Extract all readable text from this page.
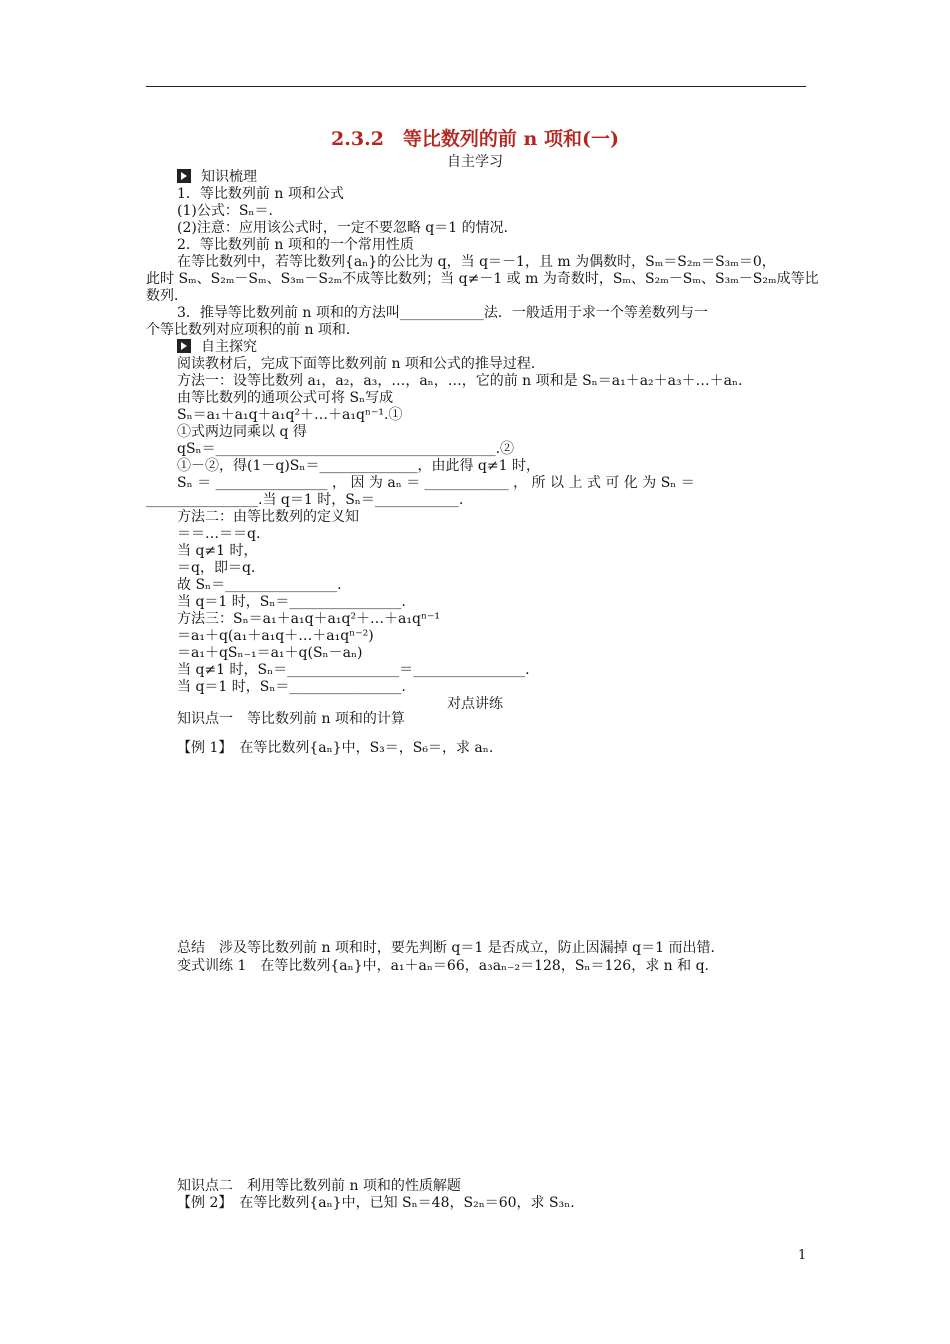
2.3.2　等比数列的前 n 项和(一)
自主学习
知识梳理
1．等比数列前 n 项和公式
(1)公式：Sₙ＝.
(2)注意：应用该公式时，一定不要忽略 q＝1 的情况．
2．等比数列前 n 项和的一个常用性质
在等比数列中，若等比数列{aₙ}的公比为 q，当 q＝－1，且 m 为偶数时，Sₘ＝S₂ₘ＝S₃ₘ＝0，
此时 Sₘ、S₂ₘ－Sₘ、S₃ₘ－S₂ₘ不成等比数列；当 q≠－1 或 m 为奇数时，Sₘ、S₂ₘ－Sₘ、S₃ₘ－S₂ₘ成等比
数列．
3．推导等比数列前 n 项和的方法叫____________法．一般适用于求一个等差数列与一
个等比数列对应项积的前 n 项和．
自主探究
阅读教材后，完成下面等比数列前 n 项和公式的推导过程．
方法一：设等比数列 a₁，a₂，a₃，…，aₙ，…，它的前 n 项和是 Sₙ＝a₁＋a₂＋a₃＋…＋aₙ.
由等比数列的通项公式可将 Sₙ写成
Sₙ＝a₁＋a₁q＋a₁q²＋…＋a₁qⁿ⁻¹.①
①式两边同乘以 q 得
qSₙ＝________________________________________.②
①－②，得(1－q)Sₙ＝______________，由此得 q≠1 时，
Sₙ ＝ ________________ ， 因 为 aₙ ＝ ____________ ， 所 以 上 式 可 化 为 Sₙ ＝
________________.当 q＝1 时，Sₙ＝____________.
方法二：由等比数列的定义知
＝＝…＝＝q.
当 q≠1 时，
＝q，即＝q.
故 Sₙ＝________________.
当 q＝1 时，Sₙ＝________________.
方法三：Sₙ＝a₁＋a₁q＋a₁q²＋…＋a₁qⁿ⁻¹
＝a₁＋q(a₁＋a₁q＋…＋a₁qⁿ⁻²)
＝a₁＋qSₙ₋₁＝a₁＋q(Sₙ－aₙ)
当 q≠1 时，Sₙ＝________________＝________________.
当 q＝1 时，Sₙ＝________________.
对点讲练
知识点一　等比数列前 n 项和的计算
【例 1】　在等比数列{aₙ}中，S₃＝，S₆＝，求 aₙ.
总结　涉及等比数列前 n 项和时，要先判断 q＝1 是否成立，防止因漏掉 q＝1 而出错．
变式训练 1　在等比数列{aₙ}中，a₁＋aₙ＝66，a₃aₙ₋₂＝128，Sₙ＝126，求 n 和 q.
知识点二　利用等比数列前 n 项和的性质解题
【例 2】　在等比数列{aₙ}中，已知 Sₙ＝48，S₂ₙ＝60，求 S₃ₙ.
1
